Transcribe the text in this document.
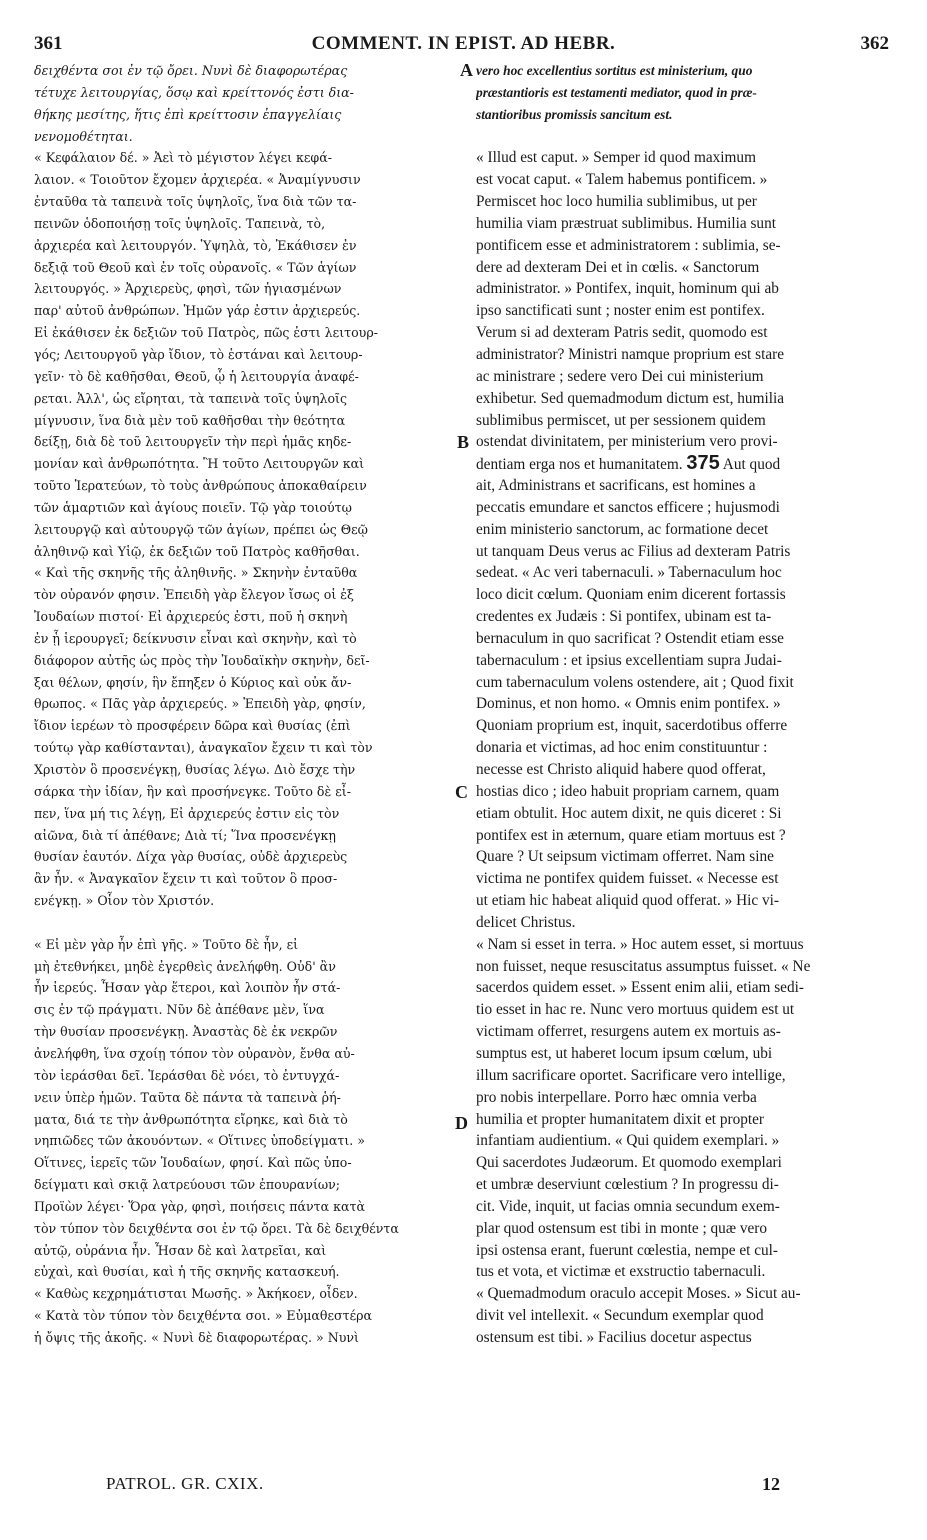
361	COMMENT. IN EPIST. AD HEBR.	362
δειχθέντα σοι ἐν τῷ ὄρει. Νυνὶ δὲ διαφορωτέρας
τέτυχε λειτουργίας, ὅσῳ καὶ κρείττονός ἐστι δια-
θήκης μεσίτης, ἥτις ἐπὶ κρείττοσιν ἐπαγγελίαις
νενομοθέτηται.
« Κεφάλαιον δέ. » Ἀεὶ τὸ μέγιστον λέγει κεφά-
λαιον. « Τοιοῦτον ἔχομεν ἀρχιερέα. « Ἀναμίγνυσιν
ἐνταῦθα τὰ ταπεινὰ τοῖς ὑψηλοῖς, ἵνα διὰ τῶν τα-
πεινῶν ὁδοποιήσῃ τοῖς ὑψηλοῖς. Ταπεινὰ, τὸ,
ἀρχιερέα καὶ λειτουργόν. Ὑψηλὰ, τὸ, Ἐκάθισεν ἐν
δεξιᾷ τοῦ Θεοῦ καὶ ἐν τοῖς οὐρανοῖς. « Τῶν ἁγίων
λειτουργός. » Ἀρχιερεὺς, φησὶ, τῶν ἡγιασμένων
παρ' αὐτοῦ ἀνθρώπων. Ἡμῶν γάρ ἐστιν ἀρχιερεύς.
Εἰ ἐκάθισεν ἐκ δεξιῶν τοῦ Πατρὸς, πῶς ἐστι λειτουρ-
γός; Λειτουργοῦ γὰρ ἴδιον, τὸ ἑστάναι καὶ λειτουρ-
γεῖν· τὸ δὲ καθῆσθαι, Θεοῦ, ᾧ ἡ λειτουργία ἀναφέ-
ρεται. Ἀλλ', ὡς εἴρηται, τὰ ταπεινὰ τοῖς ὑψηλοῖς
μίγνυσιν, ἵνα διὰ μὲν τοῦ καθῆσθαι τὴν θεότητα
δείξῃ, διὰ δὲ τοῦ λειτουργεῖν τὴν περὶ ἡμᾶς κηδε-
μονίαν καὶ ἀνθρωπότητα. Ἢ τοῦτο Λειτουργῶν καὶ
τοῦτο Ἱερατεύων, τὸ τοὺς ἀνθρώπους ἀποκαθαίρειν
τῶν ἁμαρτιῶν καὶ ἁγίους ποιεῖν. Τῷ γὰρ τοιούτῳ
λειτουργῷ καὶ αὐτουργῷ τῶν ἁγίων, πρέπει ὡς Θεῷ
ἀληθινῷ καὶ Υἱῷ, ἐκ δεξιῶν τοῦ Πατρὸς καθῆσθαι.
« Καὶ τῆς σκηνῆς τῆς ἀληθινῆς. » Σκηνὴν ἐνταῦθα
τὸν οὐρανόν φησιν. Ἐπειδὴ γὰρ ἔλεγον ἴσως οἱ ἐξ
Ἰουδαίων πιστοί· Εἰ ἀρχιερεύς ἐστι, ποῦ ἡ σκηνὴ
ἐν ᾗ ἱερουργεῖ; δείκνυσιν εἶναι καὶ σκηνὴν, καὶ τὸ
διάφορον αὐτῆς ὡς πρὸς τὴν Ἰουδαϊκὴν σκηνὴν, δεῖ-
ξαι θέλων, φησίν, ἣν ἔπηξεν ὁ Κύριος καὶ οὐκ ἄν-
θρωπος. « Πᾶς γὰρ ἀρχιερεύς. » Ἐπειδὴ γὰρ, φησίν,
ἴδιον ἱερέων τὸ προσφέρειν δῶρα καὶ θυσίας (ἐπὶ
τούτῳ γὰρ καθίστανται), ἀναγκαῖον ἔχειν τι καὶ τὸν
Χριστὸν ὃ προσενέγκῃ, θυσίας λέγω. Διὸ ἔσχε τὴν
σάρκα τὴν ἰδίαν, ἣν καὶ προσήνεγκε. Τοῦτο δὲ εἶ-
πεν, ἵνα μή τις λέγῃ, Εἰ ἀρχιερεύς ἐστιν εἰς τὸν
αἰῶνα, διὰ τί ἀπέθανε; Διὰ τί; Ἵνα προσενέγκῃ
θυσίαν ἑαυτόν. Δίχα γὰρ θυσίας, οὐδὲ ἀρχιερεὺς
ἂν ἦν. « Ἀναγκαῖον ἔχειν τι καὶ τοῦτον ὃ προσ-
ενέγκῃ. » Οἷον τὸν Χριστόν.
« Εἰ μὲν γὰρ ἦν ἐπὶ γῆς. » Τοῦτο δὲ ἦν, εἰ
μὴ ἐτεθνήκει, μηδὲ ἐγερθεὶς ἀνελήφθη. Οὐδ' ἂν
ἦν ἱερεύς. Ἦσαν γὰρ ἕτεροι, καὶ λοιπὸν ἦν στά-
σις ἐν τῷ πράγματι. Νῦν δὲ ἀπέθανε μὲν, ἵνα
τὴν θυσίαν προσενέγκῃ. Ἀναστὰς δὲ ἐκ νεκρῶν
ἀνελήφθη, ἵνα σχοίῃ τόπον τὸν οὐρανὸν, ἔνθα αὐ-
τὸν ἱεράσθαι δεῖ. Ἱεράσθαι δὲ νόει, τὸ ἐντυγχά-
νειν ὑπὲρ ἡμῶν. Ταῦτα δὲ πάντα τὰ ταπεινὰ ῥή-
ματα, διά τε τὴν ἀνθρωπότητα εἴρηκε, καὶ διὰ τὸ
νηπιῶδες τῶν ἀκουόντων. « Οἵτινες ὑποδείγματι. »
Οἵτινες, ἱερεῖς τῶν Ἰουδαίων, φησί. Καὶ πῶς ὑπο-
δείγματι καὶ σκιᾷ λατρεύουσι τῶν ἐπουρανίων;
Προϊὼν λέγει· Ὅρα γὰρ, φησὶ, ποιήσεις πάντα κατὰ
τὸν τύπον τὸν δειχθέντα σοι ἐν τῷ ὄρει. Τὰ δὲ δειχθέντα
αὐτῷ, οὐράνια ἦν. Ἦσαν δὲ καὶ λατρεῖαι, καὶ
εὐχαὶ, καὶ θυσίαι, καὶ ἡ τῆς σκηνῆς κατασκευή.
« Καθὼς κεχρημάτισται Μωσῆς. » Ἀκήκοεν, οἶδεν.
« Κατὰ τὸν τύπον τὸν δειχθέντα σοι. » Εὐμαθεστέρα
ἡ ὄψις τῆς ἀκοῆς. « Νυνὶ δὲ διαφορωτέρας. » Νυνὶ
vero hoc excellentius sortitus est ministerium, quo
præstantioris est testamenti mediator, quod in præ-
stantioribus promissis sancitum est.
« Illud est caput. » Semper id quod maximum
est vocat caput. « Talem habemus pontificem. »
Permiscet hoc loco humilia sublimibus, ut per
humilia viam præstruat sublimibus. Humilia sunt
pontificem esse et administratorem : sublimia, se-
dere ad dexteram Dei et in cœlis. « Sanctorum
administrator. » Pontifex, inquit, hominum qui ab
ipso sanctificati sunt ; noster enim est pontifex.
Verum si ad dexteram Patris sedit, quomodo est
administrator? Ministri namque proprium est stare
ac ministrare ; sedere vero Dei cui ministerium
exhibetur. Sed quemadmodum dictum est, humilia
sublimibus permiscet, ut per sessionem quidem
ostendat divinitatem, per ministerium vero provi-
dentiam erga nos et humanitatem. 375 Aut quod
ait, Administrans et sacrificans, est homines a
peccatis emundare et sanctos efficere ; hujusmodi
enim ministerio sanctorum, ac formatione decet
ut tanquam Deus verus ac Filius ad dexteram Patris
sedeat. « Ac veri tabernaculi. » Tabernaculum hoc
loco dicit cœlum. Quoniam enim dicerent fortassis
credentes ex Judæis : Si pontifex, ubinam est ta-
bernaculum in quo sacrificat ? Ostendit etiam esse
tabernaculum : et ipsius excellentiam supra Judai-
cum tabernaculum volens ostendere, ait ; Quod fixit
Dominus, et non homo. « Omnis enim pontifex. »
Quoniam proprium est, inquit, sacerdotibus offerre
donaria et victimas, ad hoc enim constituuntur :
necesse est Christo aliquid habere quod offerat,
hostias dico ; ideo habuit propriam carnem, quam
etiam obtulit. Hoc autem dixit, ne quis diceret : Si
pontifex est in æternum, quare etiam mortuus est ?
Quare ? Ut seipsum victimam offerret. Nam sine
victima ne pontifex quidem fuisset. « Necesse est
ut etiam hic habeat aliquid quod offerat. » Hic vi-
delicet Christus.
« Nam si esset in terra. » Hoc autem esset, si mortuus
non fuisset, neque resuscitatus assumptus fuisset. « Ne
sacerdos quidem esset. » Essent enim alii, etiam sedi-
tio esset in hac re. Nunc vero mortuus quidem est ut
victimam offerret, resurgens autem ex mortuis as-
sumptus est, ut haberet locum ipsum cœlum, ubi
illum sacrificare oportet. Sacrificare vero intellige,
pro nobis interpellare. Porro hæc omnia verba
humilia et propter humanitatem dixit et propter
infantiam audientium. « Qui quidem exemplari. »
Qui sacerdotes Judæorum. Et quomodo exemplari
et umbræ deserviunt cœlestium ? In progressu di-
cit. Vide, inquit, ut facias omnia secundum exem-
plar quod ostensum est tibi in monte ; quæ vero
ipsi ostensa erant, fuerunt cœlestia, nempe et cul-
tus et vota, et victimæ et exstructio tabernaculi.
« Quemadmodum oraculo accepit Moses. » Sicut au-
divit vel intellexit. « Secundum exemplar quod
ostensum est tibi. » Facilius docetur aspectus
A
B
C
D
PATROL. GR. CXIX.	12
